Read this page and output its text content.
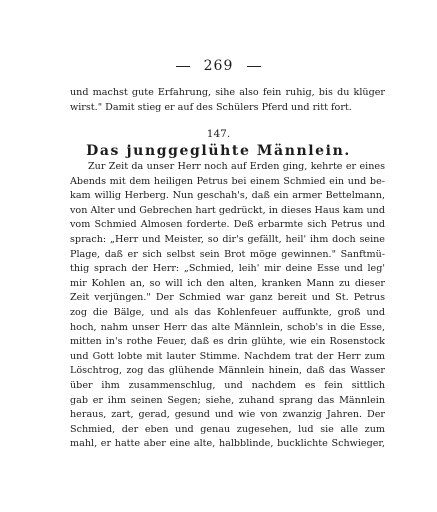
269
und machst gute Erfahrung, sihe also fein ruhig, bis du klüger
wirst." Damit stieg er auf des Schülers Pferd und ritt fort.
147.
Das junggeglühte Männlein.
Zur Zeit da unser Herr noch auf Erden ging, kehrte er eines
Abends mit dem heiligen Petrus bei einem Schmied ein und be-
kam willig Herberg. Nun geschah's, daß ein armer Bettelmann,
von Alter und Gebrechen hart gedrückt, in dieses Haus kam und
vom Schmied Almosen forderte. Deß erbarmte sich Petrus und
sprach: „Herr und Meister, so dir's gefällt, heil' ihm doch seine
Plage, daß er sich selbst sein Brot möge gewinnen." Sanftmü-
thig sprach der Herr: „Schmied, leih' mir deine Esse und leg'
mir Kohlen an, so will ich den alten, kranken Mann zu dieser
Zeit verjüngen." Der Schmied war ganz bereit und St. Petrus
zog die Bälge, und als das Kohlenfeuer auffunkte, groß und
hoch, nahm unser Herr das alte Männlein, schob's in die Esse,
mitten in's rothe Feuer, daß es drin glühte, wie ein Rosenstock
und Gott lobte mit lauter Stimme. Nachdem trat der Herr zum
Löschtrog, zog das glühende Männlein hinein, daß das Wasser
über ihm zusammenschlug, und nachdem es fein sittlich
gab er ihm seinen Segen; siehe, zuhand sprang das Männlein
heraus, zart, gerad, gesund und wie von zwanzig Jahren. Der
Schmied, der eben und genau zugesehen, lud sie alle zum
mahl, er hatte aber eine alte, halbblinde, bucklichte Schwieger,
